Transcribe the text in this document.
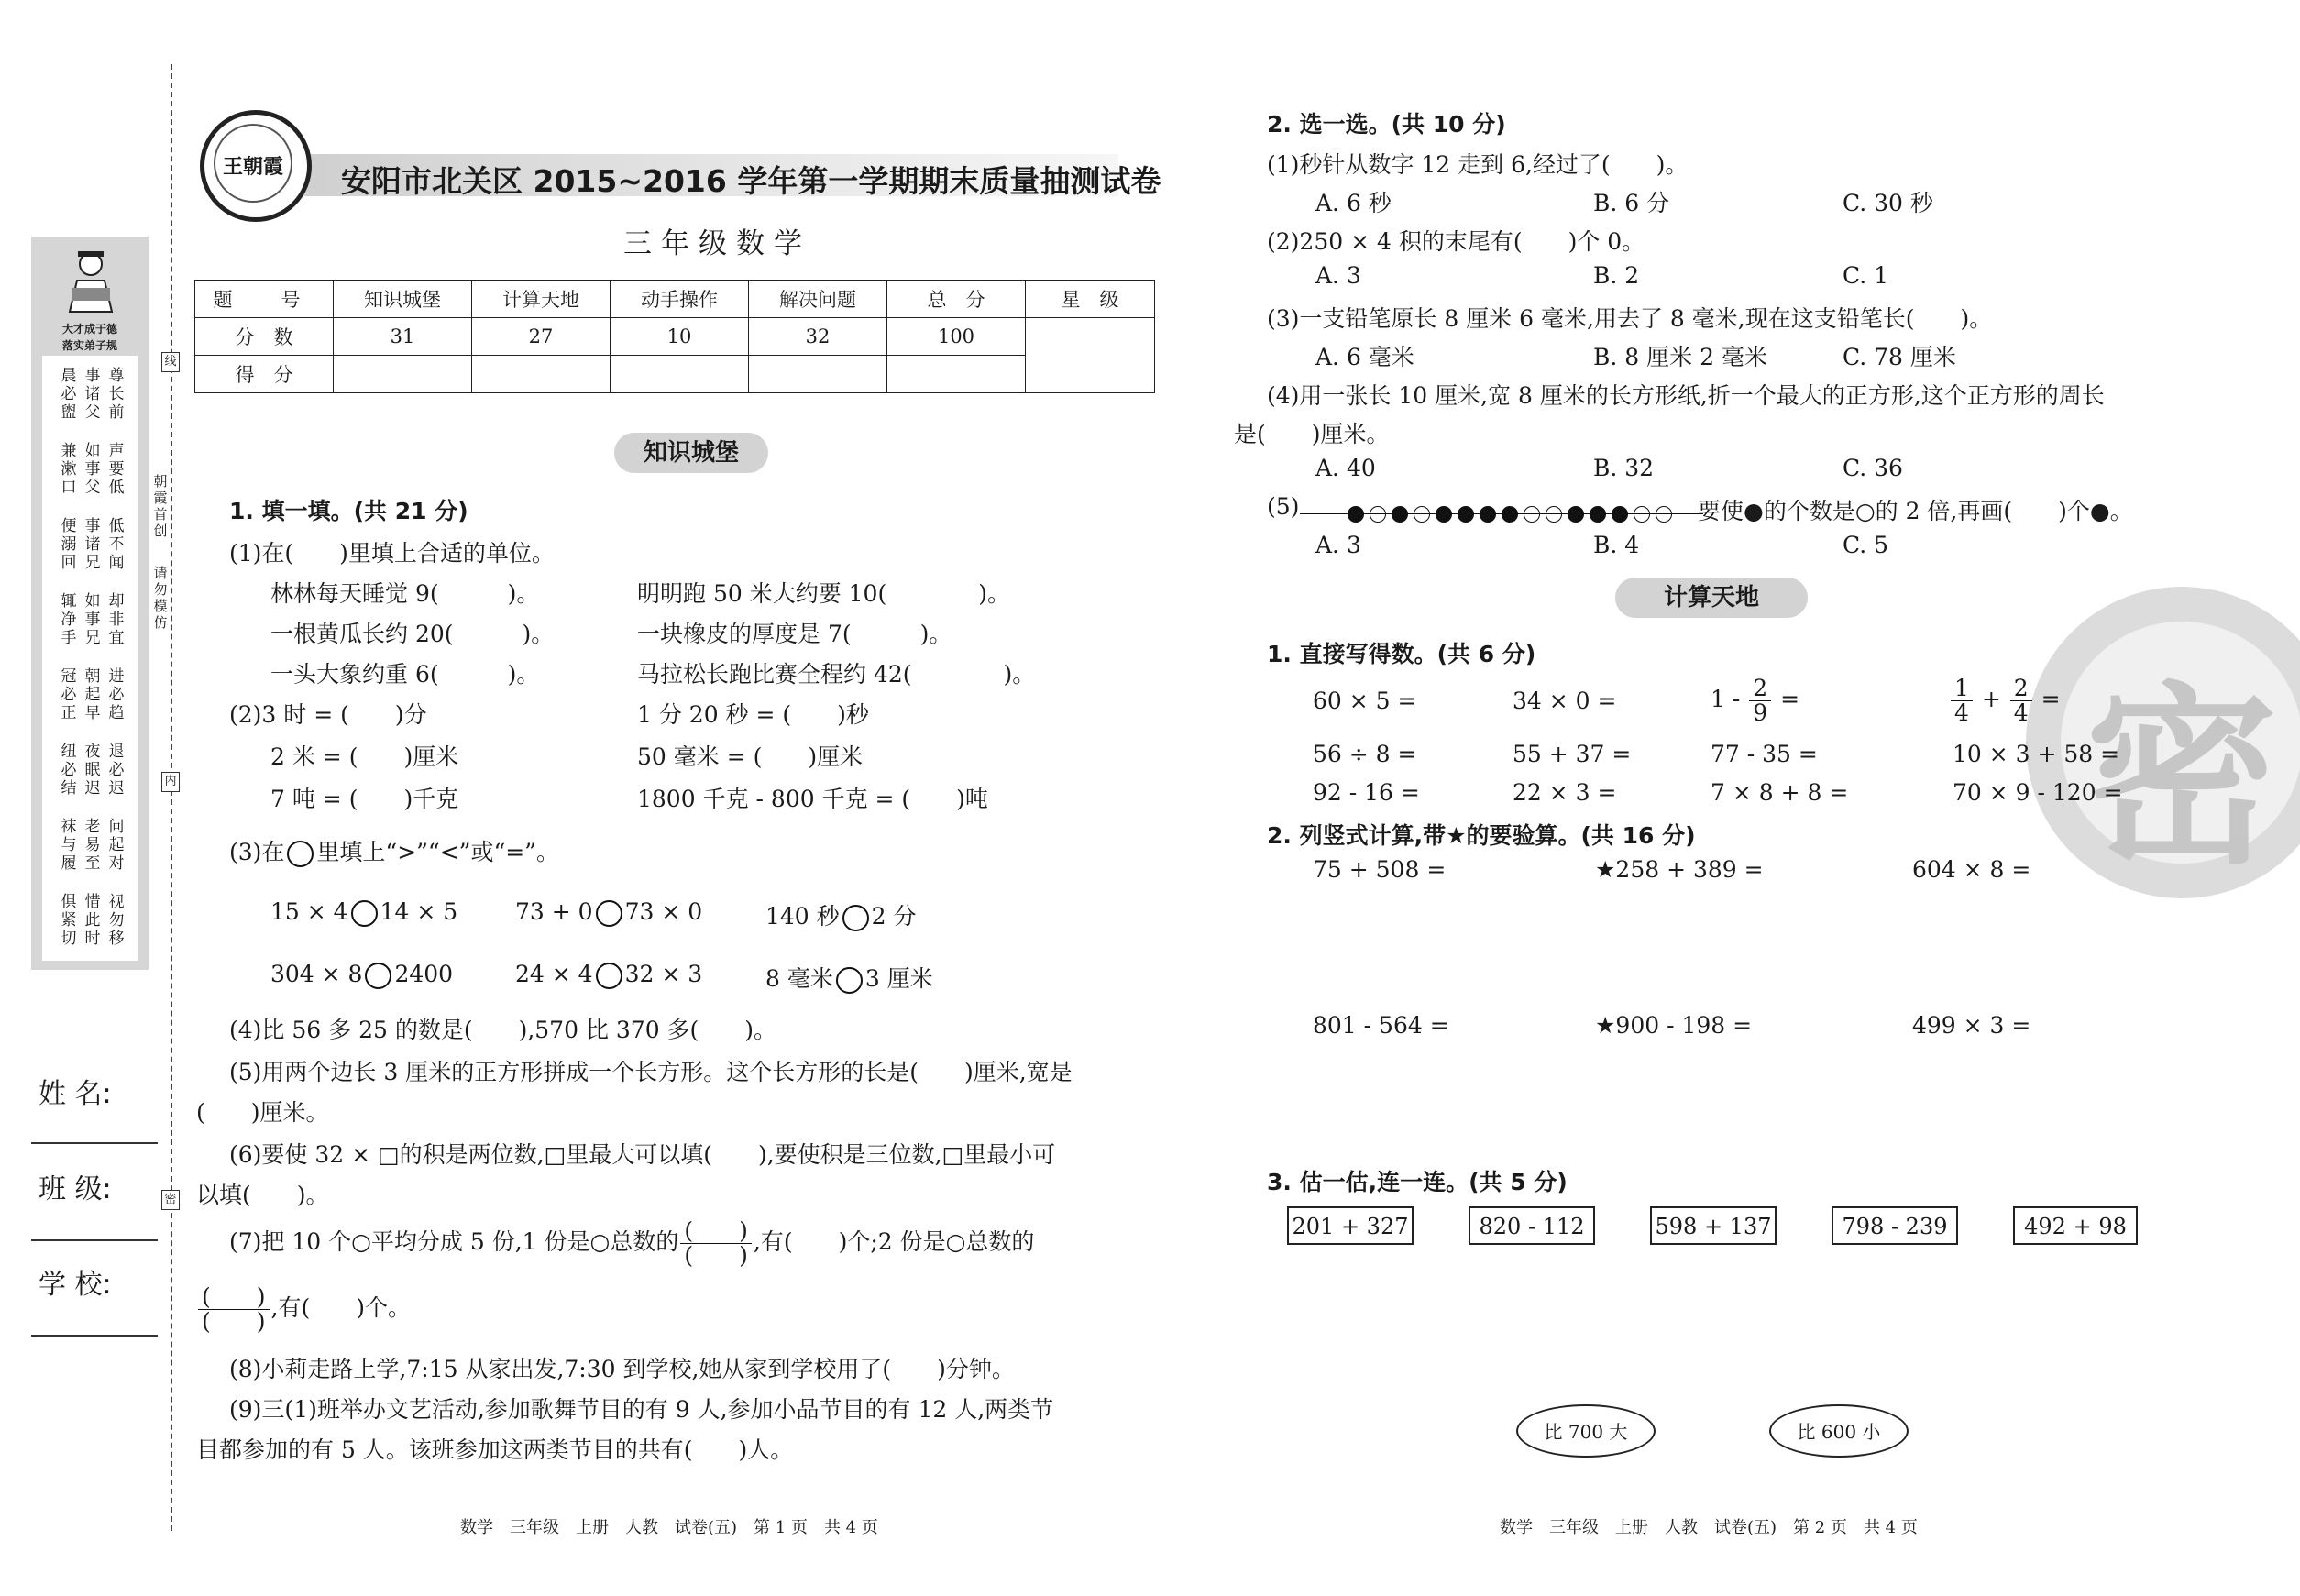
大才成于德
落实弟子规
尊长前
事诸父
晨必盥
声要低
如事父
兼漱口
低不闻
事诸兄
便溺回
却非宜
如事兄
辄净手
进必趋
朝起早
冠必正
退必迟
夜眠迟
纽必结
问起对
老易至
袜与履
视勿移
惜此时
俱紧切
朝霞首创
请勿模仿
线
内
密
姓 名:
班 级:
学 校:
王朝霞 安阳市北关区 2015~2016 学年第一学期期末质量抽测试卷
三年级数学
题　号	知识城堡	计算天地	动手操作	解决问题	总　分	星　级
分　数	31	27	10	32	100	
得　分						
知识城堡
1. 填一填。(共 21 分)
(1)在(　　)里填上合适的单位。
林林每天睡觉 9(　　　)。	明明跑 50 米大约要 10(　　　　)。
一根黄瓜长约 20(　　　)。	一块橡皮的厚度是 7(　　　)。
一头大象约重 6(　　　)。	马拉松长跑比赛全程约 42(　　　　)。
(2)3 时 = (　　)分	1 分 20 秒 = (　　)秒
2 米 = (　　)厘米	50 毫米 = (　　)厘米
7 吨 = (　　)千克	1800 千克 - 800 千克 = (　　)吨
(3)在 里填上“>”“<”或“=”。
15 × 4 14 × 5	73 + 0 73 × 0	140 秒 2 分
304 × 8 2400	24 × 4 32 × 3	8 毫米 3 厘米
(4)比 56 多 25 的数是(　　),570 比 370 多(　　)。
(5)用两个边长 3 厘米的正方形拼成一个长方形。这个长方形的长是(　　)厘米,宽是
(　　)厘米。
(6)要使 32 × □的积是两位数,□里最大可以填(　　),要使积是三位数,□里最小可
以填(　　)。
(7)把 10 个○平均分成 5 份,1 份是○总数的 $\frac{( )}{( )}$ ,有(　　)个;2 份是○总数的
$\frac{( )}{( )}$ ,有(　　)个。
(8)小莉走路上学,7:15 从家出发,7:30 到学校,她从家到学校用了(　　)分钟。
(9)三(1)班举办文艺活动,参加歌舞节目的有 9 人,参加小品节目的有 12 人,两类节
目都参加的有 5 人。该班参加这两类节目的共有(　　)人。
数学　三年级　上册　人教　试卷(五)　第 1 页　共 4 页
密
2. 选一选。(共 10 分)
(1)秒针从数字 12 走到 6,经过了(　　)。
A. 6 秒	B. 6 分	C. 30 秒
(2)250 × 4 积的末尾有(　　)个 0。
A. 3	B. 2	C. 1
(3)一支铅笔原长 8 厘米 6 毫米,用去了 8 毫米,现在这支铅笔长(　　)。
A. 6 毫米	B. 8 厘米 2 毫米	C. 78 厘米
(4)用一张长 10 厘米,宽 8 厘米的长方形纸,折一个最大的正方形,这个正方形的周长
是(　　)厘米。
A. 40	B. 32	C. 36
(5)	要使●的个数是○的 2 倍,再画(　　)个●。
A. 3	B. 4	C. 5
计算天地
1. 直接写得数。(共 6 分)
60 × 5 =	34 × 0 =	$1 - \frac{2}{9}$ =	$\frac{1}{4} + \frac{2}{4}$ =
56 ÷ 8 =	55 + 37 =	77 - 35 =	10 × 3 + 58 =
92 - 16 =	22 × 3 =	7 × 8 + 8 =	70 × 9 - 120 =
2. 列竖式计算,带★的要验算。(共 16 分)
75 + 508 =	★258 + 389 =	604 × 8 =
801 - 564 =	★900 - 198 =	499 × 3 =
3. 估一估,连一连。(共 5 分)
201 + 327	820 - 112	598 + 137	798 - 239	492 + 98
比 700 大	比 600 小
数学　三年级　上册　人教　试卷(五)　第 2 页　共 4 页
